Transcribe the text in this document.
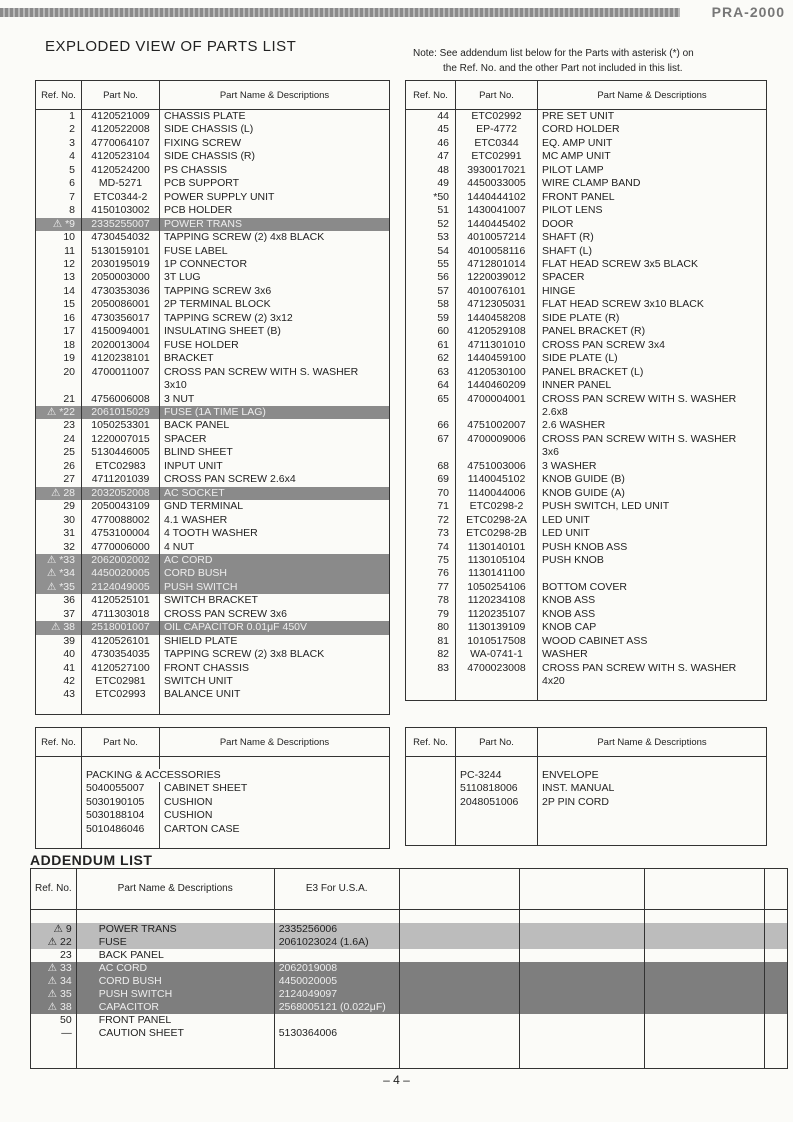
PRA-2000
EXPLODED VIEW OF PARTS LIST	Note: See addendum list below for the Parts with asterisk (*) on
the Ref. No. and the other Part not included in this list.
Ref. No.	Part No.	Part Name & Descriptions
1	4120521009	CHASSIS PLATE
2	4120522008	SIDE CHASSIS (L)
3	4770064107	FIXING SCREW
4	4120523104	SIDE CHASSIS (R)
5	4120524200	PS CHASSIS
6	MD-5271	PCB SUPPORT
7	ETC0344-2	POWER SUPPLY UNIT
8	4150103002	PCB HOLDER
⚠ *9	2335255007	POWER TRANS
10	4730454032	TAPPING SCREW (2) 4x8 BLACK
11	5130159101	FUSE LABEL
12	2030195019	1P CONNECTOR
13	2050003000	3T LUG
14	4730353036	TAPPING SCREW 3x6
15	2050086001	2P TERMINAL BLOCK
16	4730356017	TAPPING SCREW (2) 3x12
17	4150094001	INSULATING SHEET (B)
18	2020013004	FUSE HOLDER
19	4120238101	BRACKET
20	4700011007	CROSS PAN SCREW WITH S. WASHER
		3x10
21	4756006008	3 NUT
⚠ *22	2061015029	FUSE (1A TIME LAG)
23	1050253301	BACK PANEL
24	1220007015	SPACER
25	5130446005	BLIND SHEET
26	ETC02983	INPUT UNIT
27	4711201039	CROSS PAN SCREW 2.6x4
⚠ 28	2032052008	AC SOCKET
29	2050043109	GND TERMINAL
30	4770088002	4.1 WASHER
31	4753100004	4 TOOTH WASHER
32	4770006000	4 NUT
⚠ *33	2062002002	AC CORD
⚠ *34	4450020005	CORD BUSH
⚠ *35	2124049005	PUSH SWITCH
36	4120525101	SWITCH BRACKET
37	4711303018	CROSS PAN SCREW 3x6
⚠ 38	2518001007	OIL CAPACITOR 0.01μF 450V
39	4120526101	SHIELD PLATE
40	4730354035	TAPPING SCREW (2) 3x8 BLACK
41	4120527100	FRONT CHASSIS
42	ETC02981	SWITCH UNIT
43	ETC02993	BALANCE UNIT

Ref. No.	Part No.	Part Name & Descriptions
44	ETC02992	PRE SET UNIT
45	EP-4772	CORD HOLDER
46	ETC0344	EQ. AMP UNIT
47	ETC02991	MC AMP UNIT
48	3930017021	PILOT LAMP
49	4450033005	WIRE CLAMP BAND
*50	1440444102	FRONT PANEL
51	1430041007	PILOT LENS
52	1440445402	DOOR
53	4010057214	SHAFT (R)
54	4010058116	SHAFT (L)
55	4712801014	FLAT HEAD SCREW 3x5 BLACK
56	1220039012	SPACER
57	4010076101	HINGE
58	4712305031	FLAT HEAD SCREW 3x10 BLACK
59	1440458208	SIDE PLATE (R)
60	4120529108	PANEL BRACKET (R)
61	4711301010	CROSS PAN SCREW 3x4
62	1440459100	SIDE PLATE (L)
63	4120530100	PANEL BRACKET (L)
64	1440460209	INNER PANEL
65	4700004001	CROSS PAN SCREW WITH S. WASHER
		2.6x8
66	4751002007	2.6 WASHER
67	4700009006	CROSS PAN SCREW WITH S. WASHER
		3x6
68	4751003006	3 WASHER
69	1140045102	KNOB GUIDE (B)
70	1140044006	KNOB GUIDE (A)
71	ETC0298-2	PUSH SWITCH, LED UNIT
72	ETC0298-2A	LED UNIT
73	ETC0298-2B	LED UNIT
74	1130140101	PUSH KNOB ASS
75	1130105104	PUSH KNOB
76	1130141100	
77	1050254106	BOTTOM COVER
78	1120234108	KNOB ASS
79	1120235107	KNOB ASS
80	1130139109	KNOB CAP
81	1010517508	WOOD CABINET ASS
82	WA-0741-1	WASHER
83	4700023008	CROSS PAN SCREW WITH S. WASHER
		4x20

Ref. No.	Part No.	Part Name & Descriptions

	PACKING & ACCESSORIES	
	5040055007	CABINET SHEET
	5030190105	CUSHION
	5030188104	CUSHION
	5010486046	CARTON CASE

Ref. No.	Part No.	Part Name & Descriptions

	PC-3244	ENVELOPE
	5110818006	INST. MANUAL
	2048051006	2P PIN CORD

ADDENDUM LIST
Ref. No.	Part Name & Descriptions	E3 For U.S.A.				

⚠ 9	POWER TRANS	2335256006				
⚠ 22	FUSE	2061023024 (1.6A)				
23	BACK PANEL					
⚠ 33	AC CORD	2062019008				
⚠ 34	CORD BUSH	4450020005				
⚠ 35	PUSH SWITCH	2124049097				
⚠ 38	CAPACITOR	2568005121 (0.022μF)				
50	FRONT PANEL					
—	CAUTION SHEET	5130364006				

– 4 –
